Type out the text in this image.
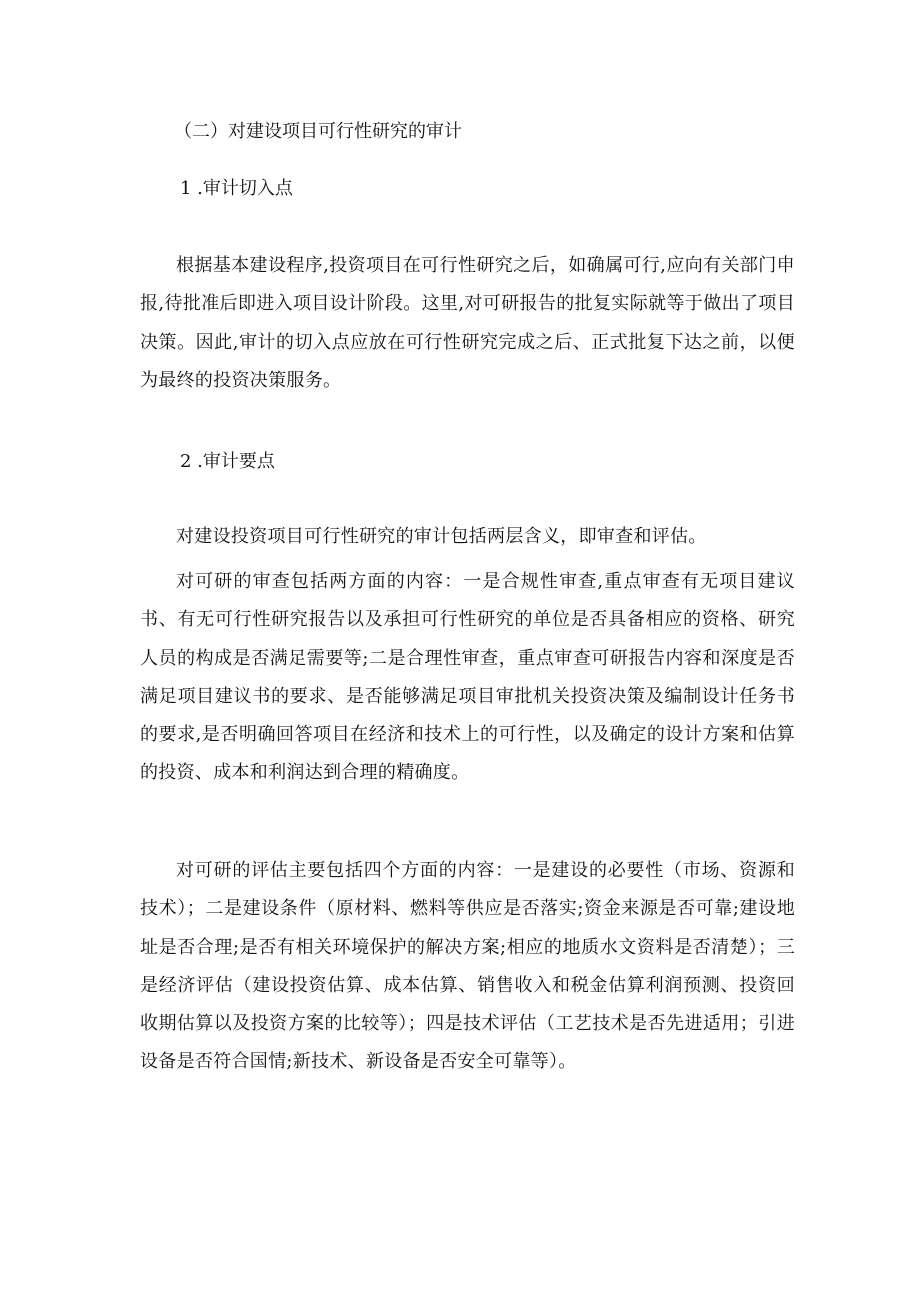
（二）对建设项目可行性研究的审计

1 .审计切入点

根据基本建设程序,投资项目在可行性研究之后，如确属可行,应向有关部门申报,待批准后即进入项目设计阶段。这里,对可研报告的批复实际就等于做出了项目决策。因此,审计的切入点应放在可行性研究完成之后、正式批复下达之前，以便为最终的投资决策服务。

2 .审计要点

对建设投资项目可行性研究的审计包括两层含义，即审查和评估。

对可研的审查包括两方面的内容：一是合规性审查,重点审查有无项目建议书、有无可行性研究报告以及承担可行性研究的单位是否具备相应的资格、研究人员的构成是否满足需要等;二是合理性审查，重点审查可研报告内容和深度是否满足项目建议书的要求、是否能够满足项目审批机关投资决策及编制设计任务书的要求,是否明确回答项目在经济和技术上的可行性，以及确定的设计方案和估算的投资、成本和利润达到合理的精确度。

对可研的评估主要包括四个方面的内容：一是建设的必要性（市场、资源和技术）；二是建设条件（原材料、燃料等供应是否落实;资金来源是否可靠;建设地址是否合理;是否有相关环境保护的解决方案;相应的地质水文资料是否清楚）；三是经济评估（建设投资估算、成本估算、销售收入和税金估算利润预测、投资回收期估算以及投资方案的比较等）；四是技术评估（工艺技术是否先进适用；引进设备是否符合国情;新技术、新设备是否安全可靠等）。
